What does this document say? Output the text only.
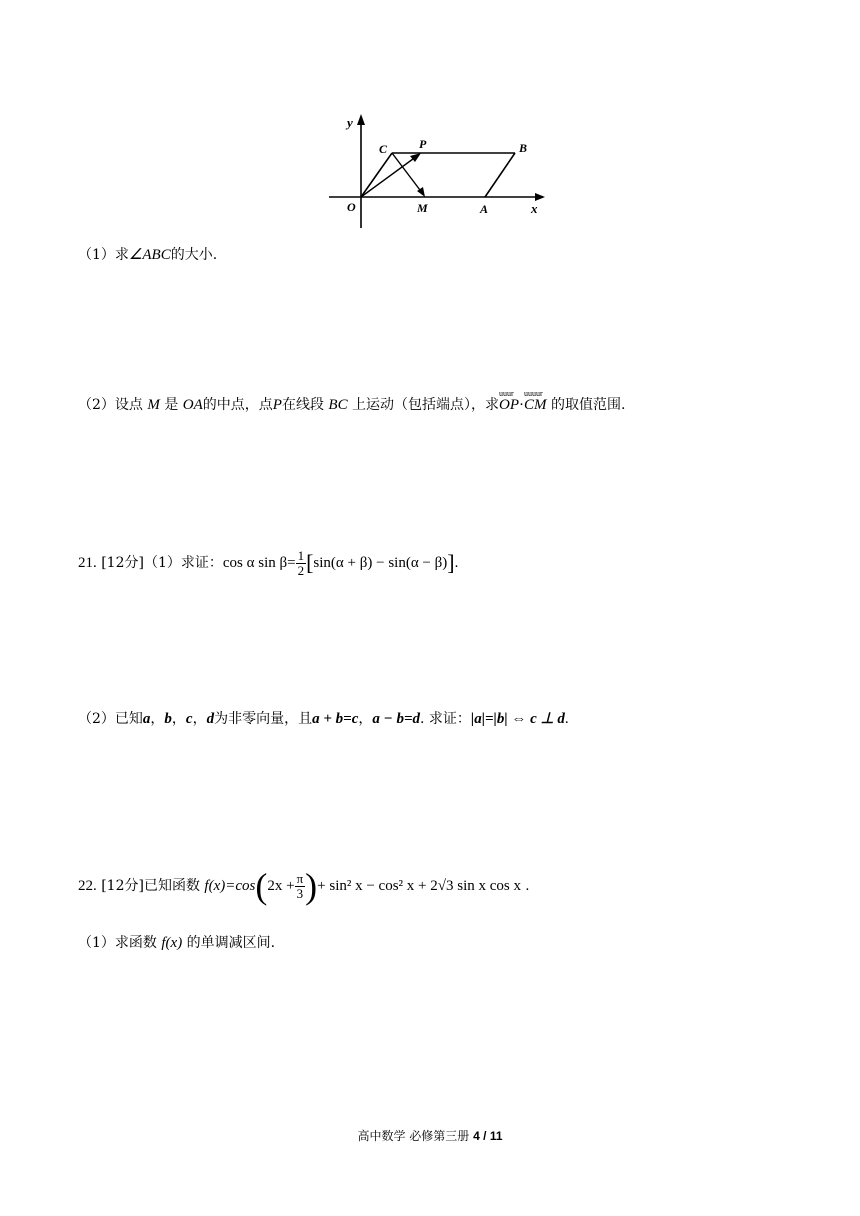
y
x
O
C	P	B
M	A
（1）求∠ABC的大小.
（2）设点 M 是 OA的中点，点P在线段 BC 上运动（包括端点），求
uuur
OP·
uuuur
CM 的取值范围.
21. [12分]（1）求证：cos α $\sin \beta= \frac{1}{2} [\sin(\alpha + \beta) - \sin(\alpha - \beta)]$.
（2）已知a，b，c，d为非零向量，且a + b=c，a − b=d. 求证：|a|=|b| ⇔ c ⊥ d.
22. [12分]已知函数 $f(x)=\cos(2x + \frac{\pi}{3}$ )+ sin² x − cos² x + 2√3 sin x cos x .
（1）求函数 f(x) 的单调减区间.
高中数学 必修第三册 4 / 11
